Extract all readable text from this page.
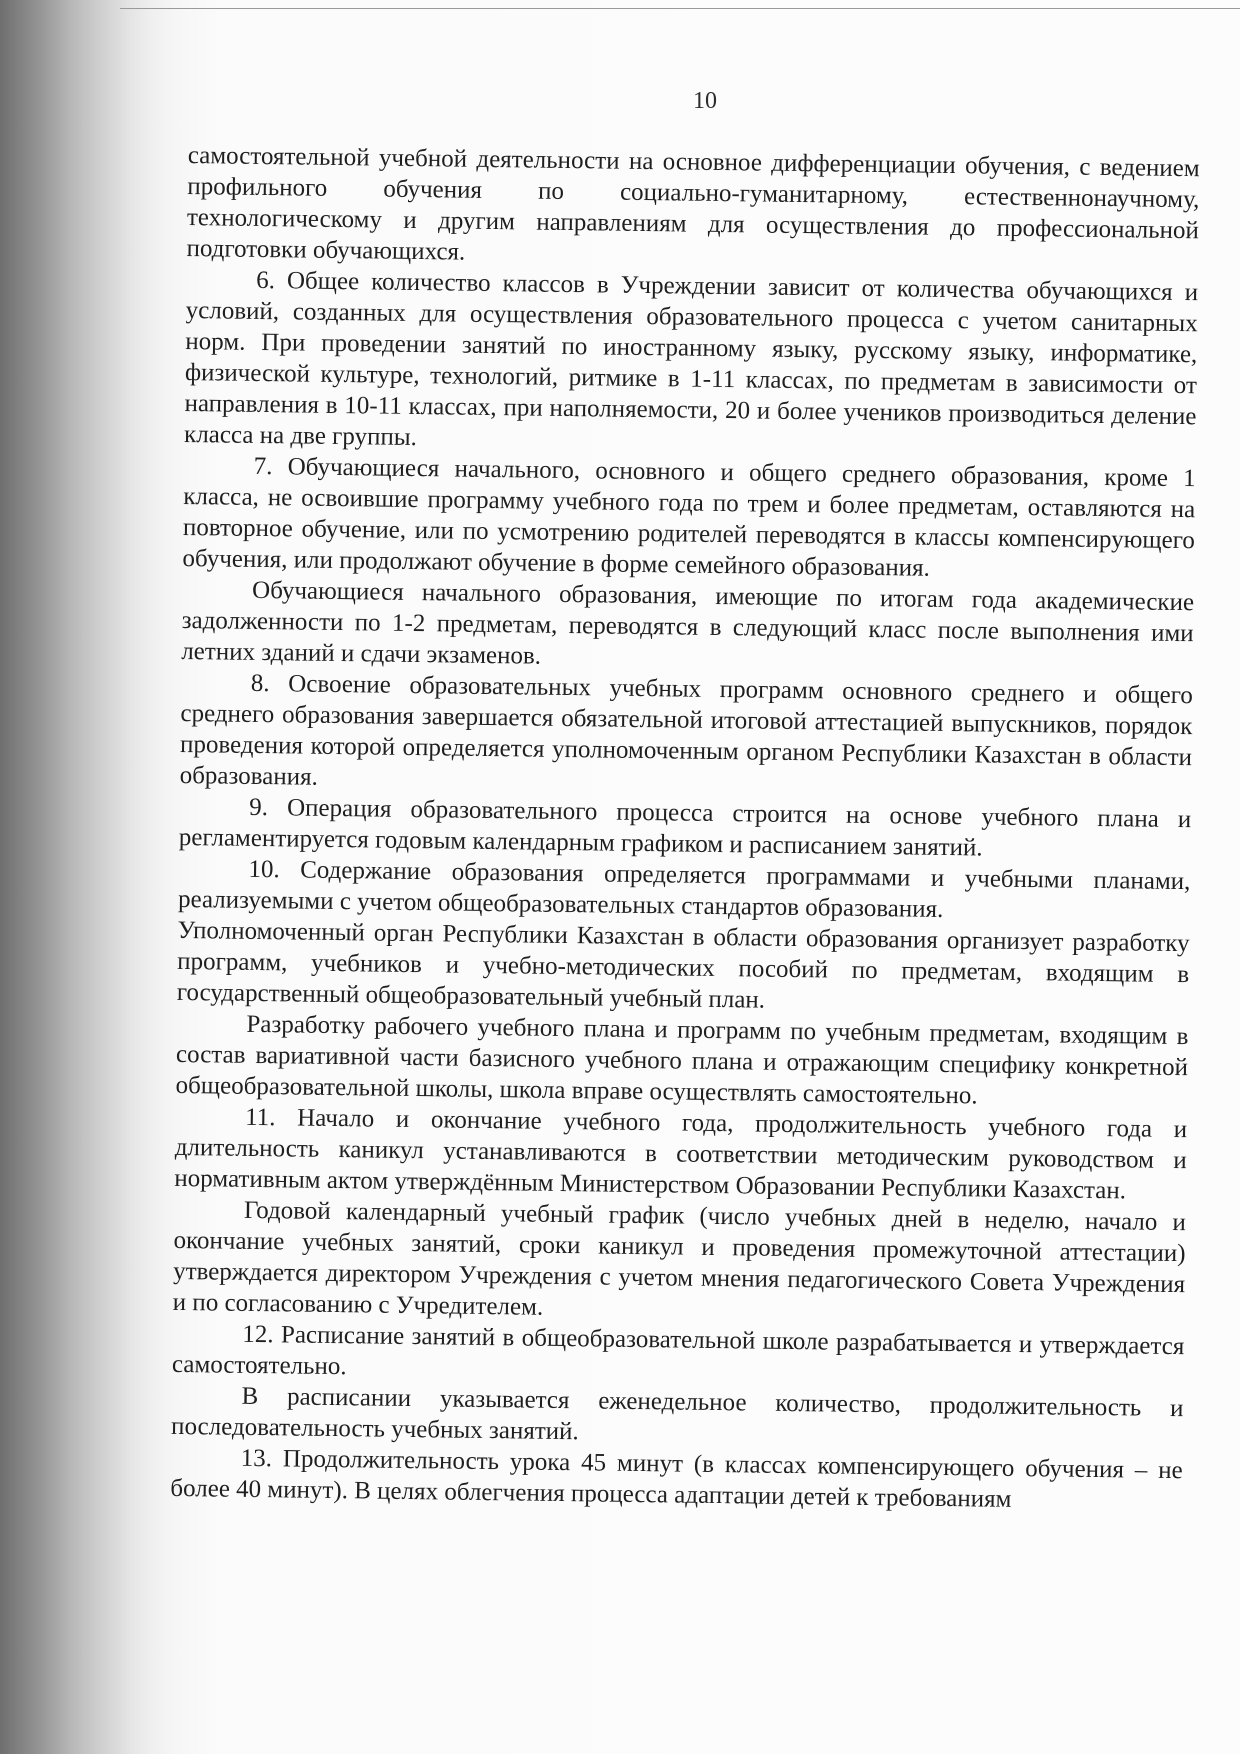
10

самостоятельной учебной деятельности на основное дифференциации обучения, с ведением профильного обучения по социально-гуманитарному, естественнонаучному, технологическому и другим направлениям для осуществления до профессиональной подготовки обучающихся.

6. Общее количество классов в Учреждении зависит от количества обучающихся и условий, созданных для осуществления образовательного процесса с учетом санитарных норм. При проведении занятий по иностранному языку, русскому языку, информатике, физической культуре, технологий, ритмике в 1-11 классах, по предметам в зависимости от направления в 10-11 классах, при наполняемости, 20 и более учеников производиться деление класса на две группы.

7. Обучающиеся начального, основного и общего среднего образования, кроме 1 класса, не освоившие программу учебного года по трем и более предметам, оставляются на повторное обучение, или по усмотрению родителей переводятся в классы компенсирующего обучения, или продолжают обучение в форме семейного образования.

Обучающиеся начального образования, имеющие по итогам года академические задолженности по 1-2 предметам, переводятся в следующий класс после выполнения ими летних зданий и сдачи экзаменов.

8. Освоение образовательных учебных программ основного среднего и общего среднего образования завершается обязательной итоговой аттестацией выпускников, порядок проведения которой определяется уполномоченным органом Республики Казахстан в области образования.

9. Операция образовательного процесса строится на основе учебного плана и регламентируется годовым календарным графиком и расписанием занятий.

10. Содержание образования определяется программами и учебными планами, реализуемыми с учетом общеобразовательных стандартов образования.

Уполномоченный орган Республики Казахстан в области образования организует разработку программ, учебников и учебно-методических пособий по предметам, входящим в государственный общеобразовательный учебный план.

Разработку рабочего учебного плана и программ по учебным предметам, входящим в состав вариативной части базисного учебного плана и отражающим специфику конкретной общеобразовательной школы, школа вправе осуществлять самостоятельно.

11. Начало и окончание учебного года, продолжительность учебного года и длительность каникул устанавливаются в соответствии методическим руководством и нормативным актом утверждённым Министерством Образовании Республики Казахстан.

Годовой календарный учебный график (число учебных дней в неделю, начало и окончание учебных занятий, сроки каникул и проведения промежуточной аттестации) утверждается директором Учреждения с учетом мнения педагогического Совета Учреждения и по согласованию с Учредителем.

12. Расписание занятий в общеобразовательной школе разрабатывается и утверждается самостоятельно.

В расписании указывается еженедельное количество, продолжительность и последовательность учебных занятий.

13. Продолжительность урока 45 минут (в классах компенсирующего обучения – не более 40 минут). В целях облегчения процесса адаптации детей к требованиям
